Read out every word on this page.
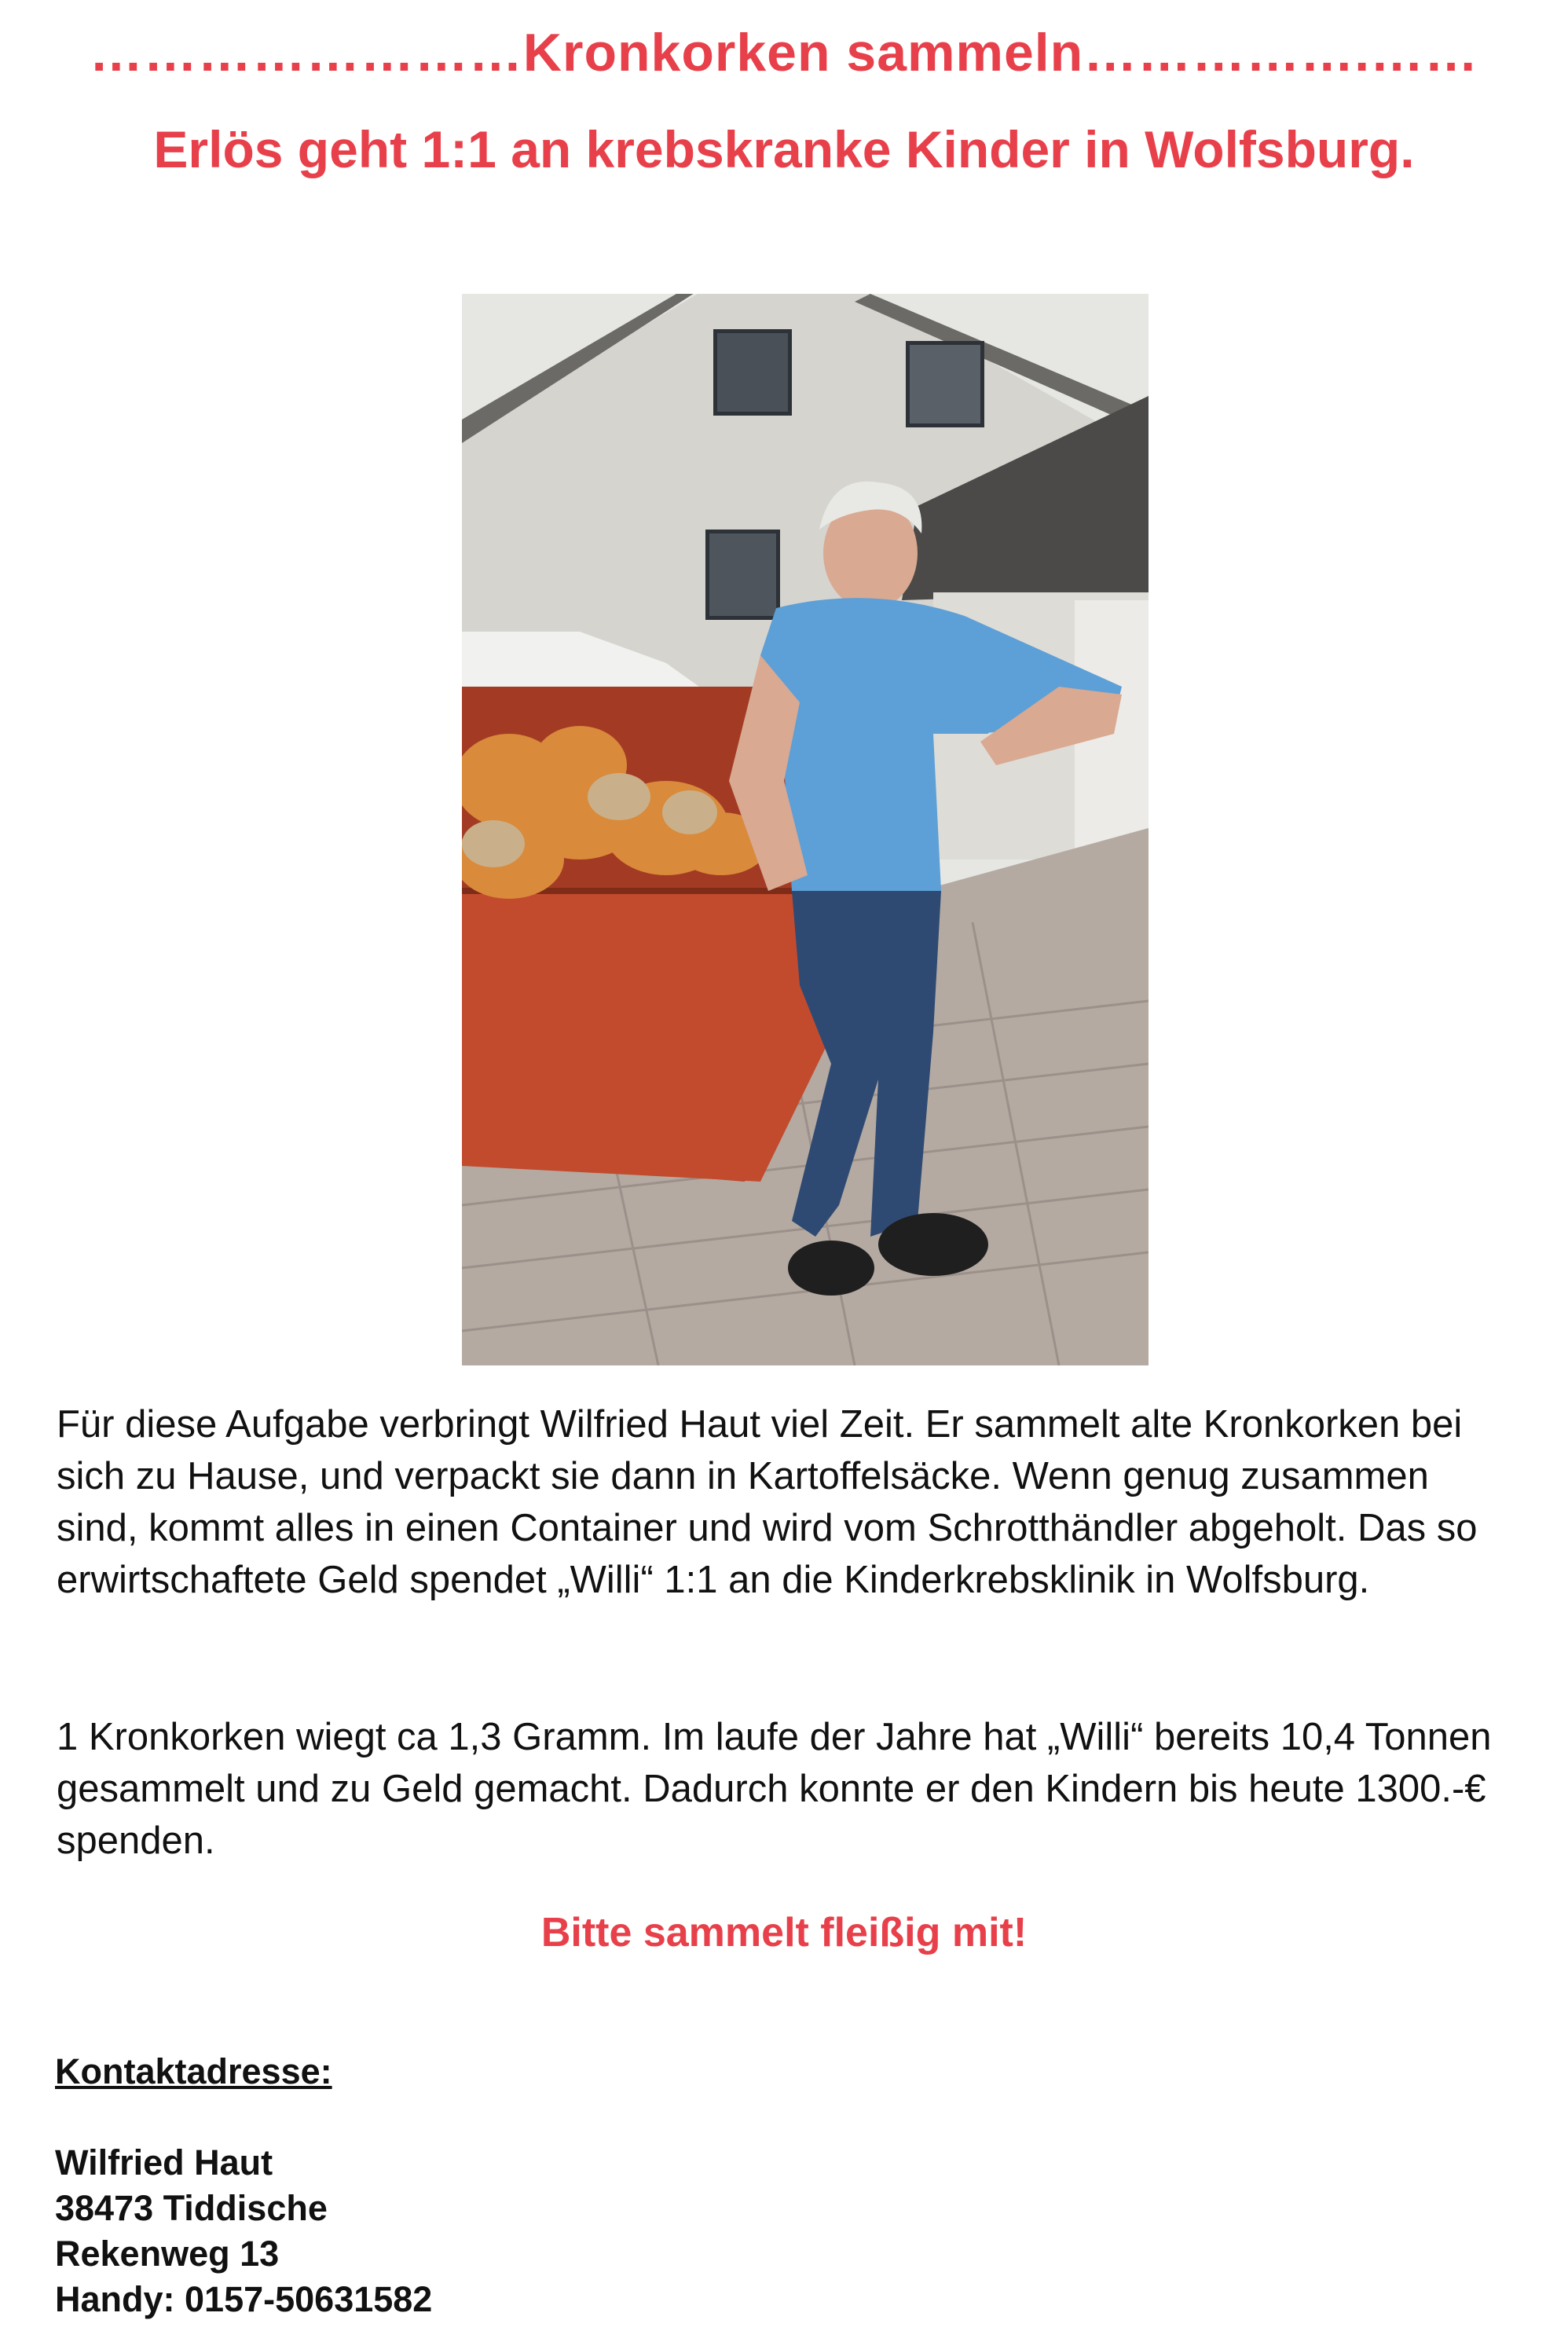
……………………Kronkorken sammeln…………….……
Erlös geht 1:1 an krebskranke Kinder in Wolfsburg.

Für diese Aufgabe verbringt Wilfried Haut viel Zeit. Er sammelt alte Kronkorken bei sich zu Hause, und verpackt sie dann in Kartoffelsäcke. Wenn genug zusammen sind, kommt alles in einen Container und wird vom Schrotthändler abgeholt. Das so erwirtschaftete Geld spendet „Willi“ 1:1 an die Kinderkrebsklinik in Wolfsburg.

1 Kronkorken wiegt ca 1,3 Gramm. Im laufe der Jahre hat „Willi“ bereits 10,4 Tonnen gesammelt und zu Geld gemacht. Dadurch konnte er den Kindern bis heute 1300.-€ spenden.

Bitte sammelt fleißig mit!

Kontaktadresse:

Wilfried Haut

38473 Tiddische

Rekenweg 13

Handy: 0157-50631582
